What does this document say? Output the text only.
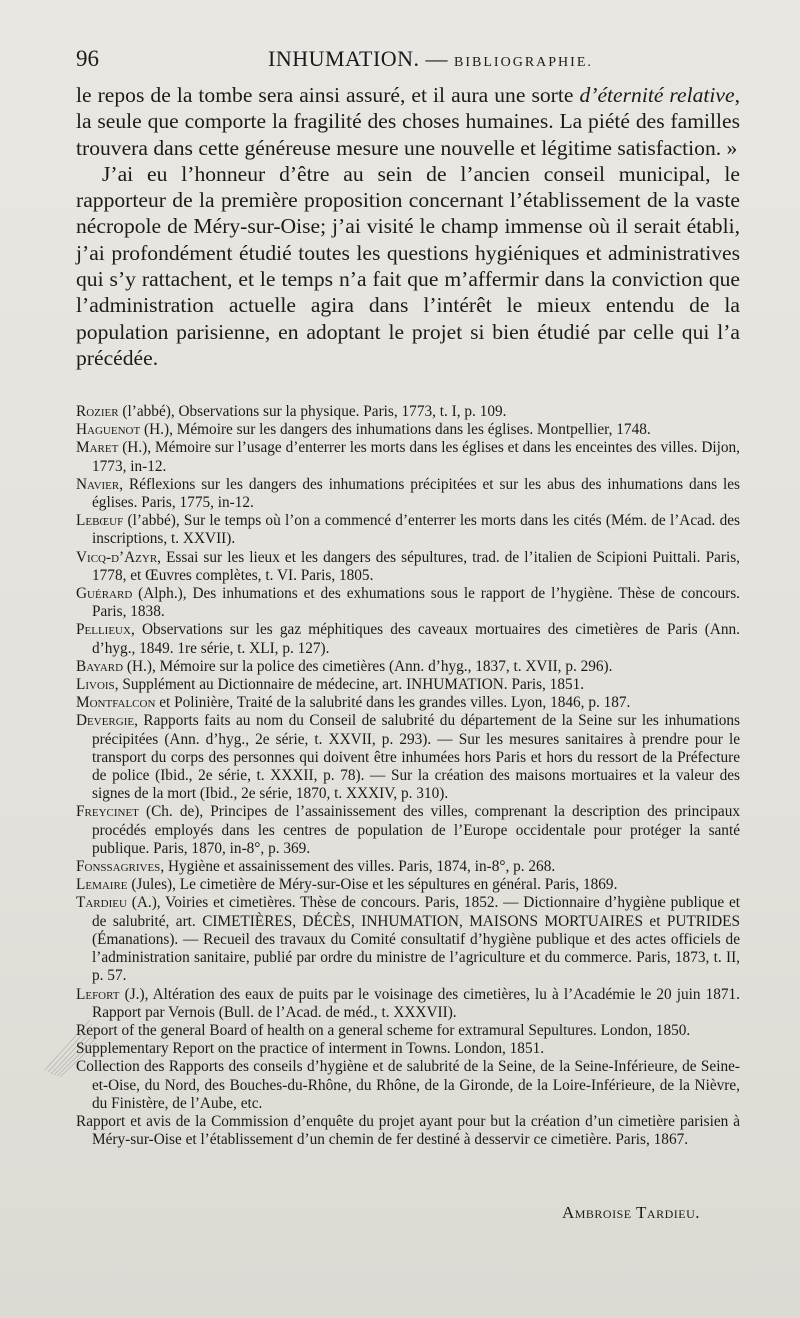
96	INHUMATION. — BIBLIOGRAPHIE.

le repos de la tombe sera ainsi assuré, et il aura une sorte d’éternité relative, la seule que comporte la fragilité des choses humaines. La piété des familles trouvera dans cette généreuse mesure une nouvelle et légitime satisfaction. »

J’ai eu l’honneur d’être au sein de l’ancien conseil municipal, le rapporteur de la première proposition concernant l’établissement de la vaste nécropole de Méry-sur-Oise; j’ai visité le champ immense où il serait établi, j’ai profondément étudié toutes les questions hygiéniques et administratives qui s’y rattachent, et le temps n’a fait que m’affermir dans la conviction que l’administration actuelle agira dans l’intérêt le mieux entendu de la population parisienne, en adoptant le projet si bien étudié par celle qui l’a précédée.

Rozier (l’abbé), Observations sur la physique. Paris, 1773, t. I, p. 109.

Haguenot (H.), Mémoire sur les dangers des inhumations dans les églises. Montpellier, 1748.

Maret (H.), Mémoire sur l’usage d’enterrer les morts dans les églises et dans les enceintes des villes. Dijon, 1773, in-12.

Navier, Réflexions sur les dangers des inhumations précipitées et sur les abus des inhumations dans les églises. Paris, 1775, in-12.

Lebœuf (l’abbé), Sur le temps où l’on a commencé d’enterrer les morts dans les cités (Mém. de l’Acad. des inscriptions, t. XXVII).

Vicq-d’Azyr, Essai sur les lieux et les dangers des sépultures, trad. de l’italien de Scipioni Puittali. Paris, 1778, et Œuvres complètes, t. VI. Paris, 1805.

Guérard (Alph.), Des inhumations et des exhumations sous le rapport de l’hygiène. Thèse de concours. Paris, 1838.

Pellieux, Observations sur les gaz méphitiques des caveaux mortuaires des cimetières de Paris (Ann. d’hyg., 1849. 1re série, t. XLI, p. 127).

Bayard (H.), Mémoire sur la police des cimetières (Ann. d’hyg., 1837, t. XVII, p. 296).

Livois, Supplément au Dictionnaire de médecine, art. INHUMATION. Paris, 1851.

Montfalcon et Polinière, Traité de la salubrité dans les grandes villes. Lyon, 1846, p. 187.

Devergie, Rapports faits au nom du Conseil de salubrité du département de la Seine sur les inhumations précipitées (Ann. d’hyg., 2e série, t. XXVII, p. 293). — Sur les mesures sanitaires à prendre pour le transport du corps des personnes qui doivent être inhumées hors Paris et hors du ressort de la Préfecture de police (Ibid., 2e série, t. XXXII, p. 78). — Sur la création des maisons mortuaires et la valeur des signes de la mort (Ibid., 2e série, 1870, t. XXXIV, p. 310).

Freycinet (Ch. de), Principes de l’assainissement des villes, comprenant la description des principaux procédés employés dans les centres de population de l’Europe occidentale pour protéger la santé publique. Paris, 1870, in-8°, p. 369.

Fonssagrives, Hygiène et assainissement des villes. Paris, 1874, in-8°, p. 268.

Lemaire (Jules), Le cimetière de Méry-sur-Oise et les sépultures en général. Paris, 1869.

Tardieu (A.), Voiries et cimetières. Thèse de concours. Paris, 1852. — Dictionnaire d’hygiène publique et de salubrité, art. CIMETIÈRES, DÉCÈS, INHUMATION, MAISONS MORTUAIRES et PUTRIDES (Émanations). — Recueil des travaux du Comité consultatif d’hygiène publique et des actes officiels de l’administration sanitaire, publié par ordre du ministre de l’agriculture et du commerce. Paris, 1873, t. II, p. 57.

Lefort (J.), Altération des eaux de puits par le voisinage des cimetières, lu à l’Académie le 20 juin 1871. Rapport par Vernois (Bull. de l’Acad. de méd., t. XXXVII).

Report of the general Board of health on a general scheme for extramural Sepultures. London, 1850.

Supplementary Report on the practice of interment in Towns. London, 1851.

Collection des Rapports des conseils d’hygiène et de salubrité de la Seine, de la Seine-Inférieure, de Seine-et-Oise, du Nord, des Bouches-du-Rhône, du Rhône, de la Gironde, de la Loire-Inférieure, de la Nièvre, du Finistère, de l’Aube, etc.

Rapport et avis de la Commission d’enquête du projet ayant pour but la création d’un cimetière parisien à Méry-sur-Oise et l’établissement d’un chemin de fer destiné à desservir ce cimetière. Paris, 1867.

Ambroise Tardieu.
